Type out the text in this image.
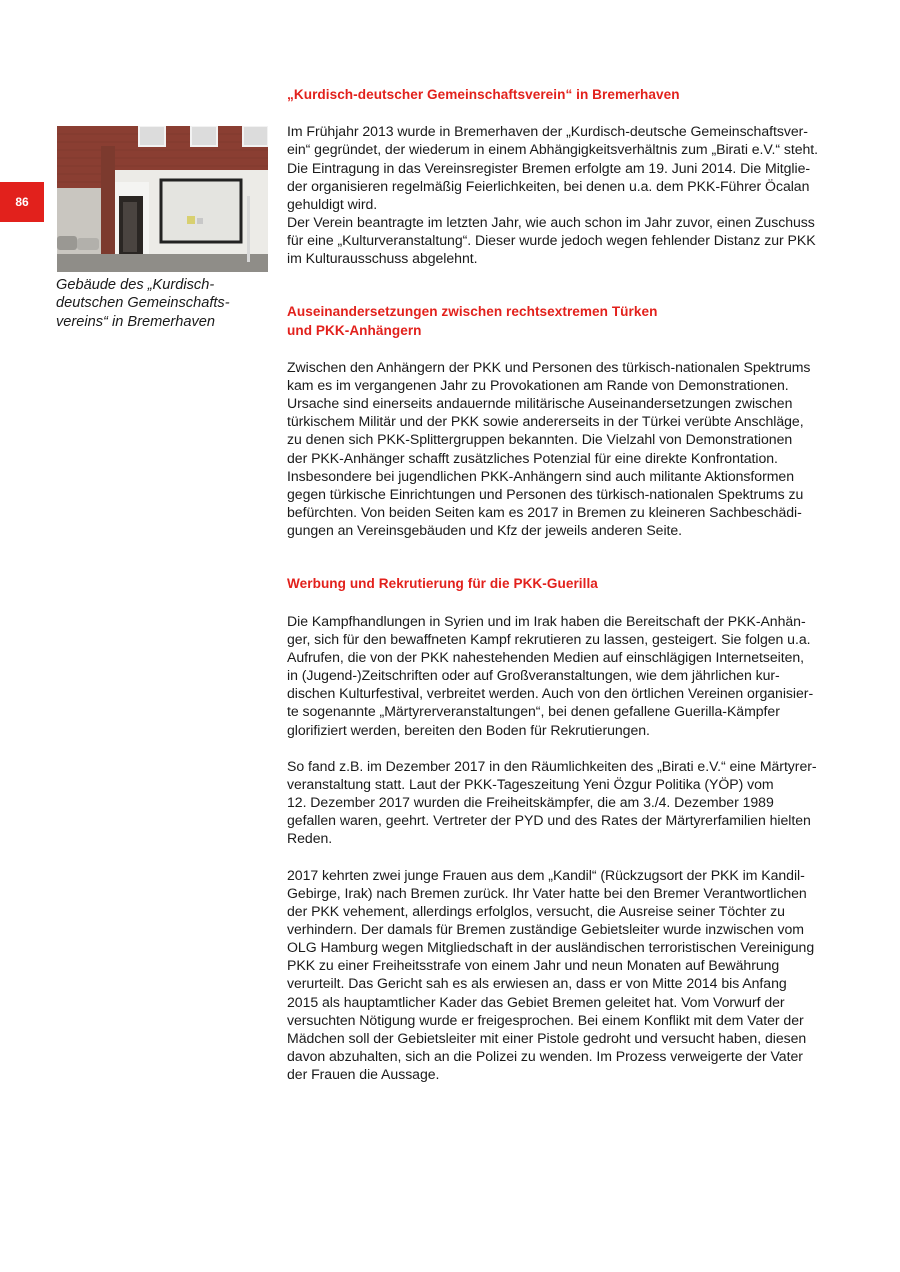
86
Gebäude des „Kurdisch-
deutschen Gemeinschafts-
vereins“ in Bremerhaven
„Kurdisch-deutscher Gemeinschaftsverein“ in Bremerhaven

Im Frühjahr 2013 wurde in Bremerhaven der „Kurdisch-deutsche Gemeinschaftsver-
ein“ gegründet, der wiederum in einem Abhängigkeitsverhältnis zum „Birati e.V.“ steht.
Die Eintragung in das Vereinsregister Bremen erfolgte am 19. Juni 2014. Die Mitglie-
der organisieren regelmäßig Feierlichkeiten, bei denen u.a. dem PKK-Führer Öcalan
gehuldigt wird.
Der Verein beantragte im letzten Jahr, wie auch schon im Jahr zuvor, einen Zuschuss
für eine „Kulturveranstaltung“. Dieser wurde jedoch wegen fehlender Distanz zur PKK
im Kulturausschuss abgelehnt.

Auseinandersetzungen zwischen rechtsextremen Türken
und PKK-Anhängern

Zwischen den Anhängern der PKK und Personen des türkisch-nationalen Spektrums
kam es im vergangenen Jahr zu Provokationen am Rande von Demonstrationen.
Ursache sind einerseits andauernde militärische Auseinandersetzungen zwischen
türkischem Militär und der PKK sowie andererseits in der Türkei verübte Anschläge,
zu denen sich PKK-Splittergruppen bekannten. Die Vielzahl von Demonstrationen
der PKK-Anhänger schafft zusätzliches Potenzial für eine direkte Konfrontation.
Insbesondere bei jugendlichen PKK-Anhängern sind auch militante Aktionsformen
gegen türkische Einrichtungen und Personen des türkisch-nationalen Spektrums zu
befürchten. Von beiden Seiten kam es 2017 in Bremen zu kleineren Sachbeschädi-
gungen an Vereinsgebäuden und Kfz der jeweils anderen Seite.

Werbung und Rekrutierung für die PKK-Guerilla

Die Kampfhandlungen in Syrien und im Irak haben die Bereitschaft der PKK-Anhän-
ger, sich für den bewaffneten Kampf rekrutieren zu lassen, gesteigert. Sie folgen u.a.
Aufrufen, die von der PKK nahestehenden Medien auf einschlägigen Internetseiten,
in (Jugend-)Zeitschriften oder auf Großveranstaltungen, wie dem jährlichen kur-
dischen Kulturfestival, verbreitet werden. Auch von den örtlichen Vereinen organisier-
te sogenannte „Märtyrerveranstaltungen“, bei denen gefallene Guerilla-Kämpfer
glorifiziert werden, bereiten den Boden für Rekrutierungen.

So fand z.B. im Dezember 2017 in den Räumlichkeiten des „Birati e.V.“ eine Märtyrer-
veranstaltung statt. Laut der PKK-Tageszeitung Yeni Özgur Politika (YÖP) vom
12. Dezember 2017 wurden die Freiheitskämpfer, die am 3./4. Dezember 1989
gefallen waren, geehrt. Vertreter der PYD und des Rates der Märtyrerfamilien hielten
Reden.

2017 kehrten zwei junge Frauen aus dem „Kandil“ (Rückzugsort der PKK im Kandil-
Gebirge, Irak) nach Bremen zurück. Ihr Vater hatte bei den Bremer Verantwortlichen
der PKK vehement, allerdings erfolglos, versucht, die Ausreise seiner Töchter zu
verhindern. Der damals für Bremen zuständige Gebietsleiter wurde inzwischen vom
OLG Hamburg wegen Mitgliedschaft in der ausländischen terroristischen Vereinigung
PKK zu einer Freiheitsstrafe von einem Jahr und neun Monaten auf Bewährung
verurteilt. Das Gericht sah es als erwiesen an, dass er von Mitte 2014 bis Anfang
2015 als hauptamtlicher Kader das Gebiet Bremen geleitet hat. Vom Vorwurf der
versuchten Nötigung wurde er freigesprochen. Bei einem Konflikt mit dem Vater der
Mädchen soll der Gebietsleiter mit einer Pistole gedroht und versucht haben, diesen
davon abzuhalten, sich an die Polizei zu wenden. Im Prozess verweigerte der Vater
der Frauen die Aussage.
